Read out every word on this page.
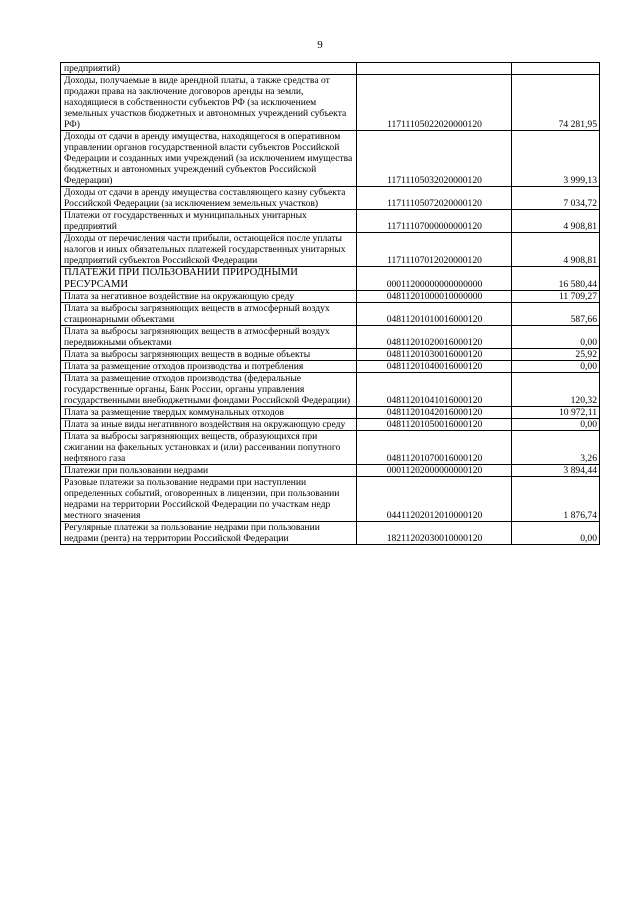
9
предприятий)		
Доходы, получаемые в виде арендной платы, а также средства от продажи права на заключение договоров аренды на земли, находящиеся в собственности субъектов РФ (за исключением земельных участков бюджетных и автономных учреждений субъекта РФ)	11711105022020000120	74 281,95
Доходы от сдачи в аренду имущества, находящегося в оперативном управлении органов государственной власти субъектов Российской Федерации и созданных ими учреждений (за исключением имущества бюджетных и автономных учреждений субъектов Российской Федерации)	11711105032020000120	3 999,13
Доходы от сдачи в аренду имущества составляющего казну субъекта Российской Федерации (за исключением земельных участков)	11711105072020000120	7 034,72
Платежи от государственных и муниципальных унитарных предприятий	11711107000000000120	4 908,81
Доходы от перечисления части прибыли, остающейся после уплаты налогов и иных обязательных платежей государственных унитарных предприятий субъектов Российской Федерации	11711107012020000120	4 908,81
ПЛАТЕЖИ ПРИ ПОЛЬЗОВАНИИ ПРИРОДНЫМИ РЕСУРСАМИ	00011200000000000000	16 580,44
Плата за негативное воздействие на окружающую среду	04811201000010000000	11 709,27
Плата за выбросы загрязняющих веществ в атмосферный воздух стационарными объектами	04811201010016000120	587,66
Плата за выбросы загрязняющих веществ в атмосферный воздух передвижными объектами	04811201020016000120	0,00
Плата за выбросы загрязняющих веществ в водные объекты	04811201030016000120	25,92
Плата за размещение отходов производства и потребления	04811201040016000120	0,00
Плата за размещение отходов производства (федеральные государственные органы, Банк России, органы управления государственными внебюджетными фондами Российской Федерации)	04811201041016000120	120,32
Плата за размещение твердых коммунальных отходов	04811201042016000120	10 972,11
Плата за иные виды негативного воздействия на окружающую среду	04811201050016000120	0,00
Плата за выбросы загрязняющих веществ, образующихся при сжигании на факельных установках и (или) рассеивании попутного нефтяного газа	04811201070016000120	3,26
Платежи при пользовании недрами	00011202000000000120	3 894,44
Разовые платежи за пользование недрами при наступлении определенных событий, оговоренных в лицензии, при пользовании недрами на территории Российской Федерации по участкам недр местного значения	04411202012010000120	1 876,74
Регулярные платежи за пользование недрами при пользовании недрами (рента) на территории Российской Федерации	18211202030010000120	0,00
